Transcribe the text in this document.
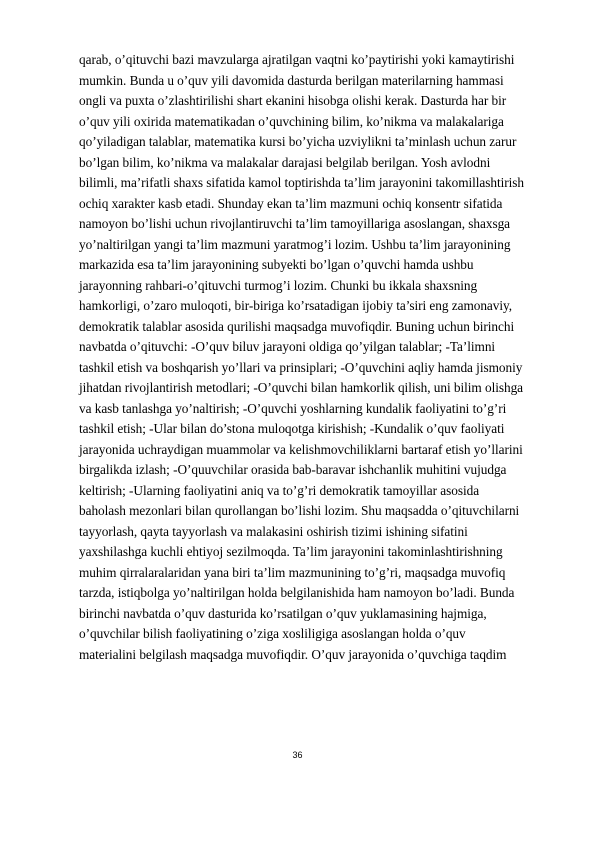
qarab, o’qituvchi bazi mavzularga ajratilgan vaqtni ko’paytirishi yoki kamaytirishi
mumkin. Bunda u o’quv yili davomida dasturda berilgan materilarning hammasi
ongli va puxta o’zlashtirilishi shart ekanini hisobga olishi kerak. Dasturda har bir
o’quv yili oxirida matematikadan o’quvchining bilim, ko’nikma va malakalariga
qo’yiladigan talablar, matematika kursi bo’yicha uzviylikni ta’minlash uchun zarur
bo’lgan bilim, ko’nikma va malakalar darajasi belgilab berilgan. Yosh avlodni
bilimli, ma’rifatli shaxs sifatida kamol toptirishda ta’lim jarayonini takomillashtirish
ochiq xarakter kasb etadi. Shunday ekan ta’lim mazmuni ochiq konsentr sifatida
namoyon bo’lishi uchun rivojlantiruvchi ta’lim tamoyillariga asoslangan, shaxsga
yo’naltirilgan yangi ta’lim mazmuni yaratmog’i lozim. Ushbu ta’lim jarayonining
markazida esa ta’lim jarayonining subyekti bo’lgan o’quvchi hamda ushbu
jarayonning rahbari-o’qituvchi turmog’i lozim. Chunki bu ikkala shaxsning
hamkorligi, o’zaro muloqoti, bir-biriga ko’rsatadigan ijobiy ta’siri eng zamonaviy,
demokratik talablar asosida qurilishi maqsadga muvofiqdir. Buning uchun birinchi
navbatda o’qituvchi: -O’quv biluv jarayoni oldiga qo’yilgan talablar; -Ta’limni
tashkil etish va boshqarish yo’llari va prinsiplari; -O’quvchini aqliy hamda jismoniy
jihatdan rivojlantirish metodlari; -O’quvchi bilan hamkorlik qilish, uni bilim olishga
va kasb tanlashga yo’naltirish; -O’quvchi yoshlarning kundalik faoliyatini to’g’ri
tashkil etish; -Ular bilan do’stona muloqotga kirishish; -Kundalik o’quv faoliyati
jarayonida uchraydigan muammolar va kelishmovchiliklarni bartaraf etish yo’llarini
birgalikda izlash; -O’quuvchilar orasida bab-baravar ishchanlik muhitini vujudga
keltirish; -Ularning faoliyatini aniq va to’g’ri demokratik tamoyillar asosida
baholash mezonlari bilan qurollangan bo’lishi lozim. Shu maqsadda o’qituvchilarni
tayyorlash, qayta tayyorlash va malakasini oshirish tizimi ishining sifatini
yaxshilashga kuchli ehtiyoj sezilmoqda. Ta’lim jarayonini takominlashtirishning
muhim qirralaralaridan yana biri ta’lim mazmunining to’g’ri, maqsadga muvofiq
tarzda, istiqbolga yo’naltirilgan holda belgilanishida ham namoyon bo’ladi. Bunda
birinchi navbatda o’quv dasturida ko’rsatilgan o’quv yuklamasining hajmiga,
o’quvchilar bilish faoliyatining o’ziga xosliligiga asoslangan holda o’quv
materialini belgilash maqsadga muvofiqdir. O’quv jarayonida o’quvchiga taqdim
36
